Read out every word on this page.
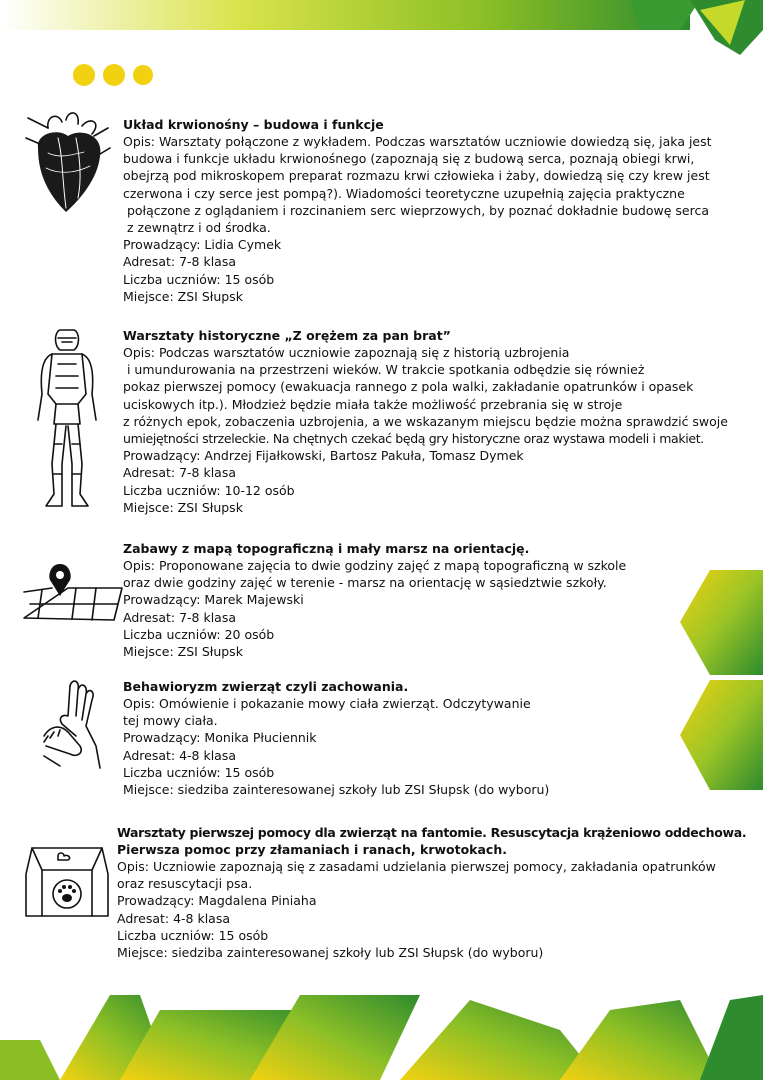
Układ krwionośny – budowa i funkcje

Opis: Warsztaty połączone z wykładem. Podczas warsztatów uczniowie dowiedzą się, jaka jest

budowa i funkcje układu krwionośnego (zapoznają się z budową serca, poznają obiegi krwi,

obejrzą pod mikroskopem preparat rozmazu krwi człowieka i żaby, dowiedzą się czy krew jest

czerwona i czy serce jest pompą?). Wiadomości teoretyczne uzupełnią zajęcia praktyczne

połączone z oglądaniem i rozcinaniem serc wieprzowych, by poznać dokładnie budowę serca

z zewnątrz i od środka.

Prowadzący: Lidia Cymek

Adresat: 7-8 klasa

Liczba uczniów: 15 osób

Miejsce: ZSI Słupsk

Warsztaty historyczne „Z orężem za pan brat”

Opis: Podczas warsztatów uczniowie zapoznają się z historią uzbrojenia

i umundurowania na przestrzeni wieków. W trakcie spotkania odbędzie się również

pokaz pierwszej pomocy (ewakuacja rannego z pola walki, zakładanie opatrunków i opasek

uciskowych itp.). Młodzież będzie miała także możliwość przebrania się w stroje

z różnych epok, zobaczenia uzbrojenia, a we wskazanym miejscu będzie można sprawdzić swoje

umiejętności strzeleckie. Na chętnych czekać będą gry historyczne oraz wystawa modeli i makiet.

Prowadzący: Andrzej Fijałkowski, Bartosz Pakuła, Tomasz Dymek

Adresat: 7-8 klasa

Liczba uczniów: 10-12 osób

Miejsce: ZSI Słupsk

Zabawy z mapą topograficzną i mały marsz na orientację.

Opis: Proponowane zajęcia to dwie godziny zajęć z mapą topograficzną w szkole

oraz dwie godziny zajęć w terenie - marsz na orientację w sąsiedztwie szkoły.

Prowadzący: Marek Majewski

Adresat: 7-8 klasa

Liczba uczniów: 20 osób

Miejsce: ZSI Słupsk

Behawioryzm zwierząt czyli zachowania.

Opis: Omówienie i pokazanie mowy ciała zwierząt. Odczytywanie

tej mowy ciała.

Prowadzący: Monika Płuciennik

Adresat: 4-8 klasa

Liczba uczniów: 15 osób

Miejsce: siedziba zainteresowanej szkoły lub ZSI Słupsk (do wyboru)

Warsztaty pierwszej pomocy dla zwierząt na fantomie. Resuscytacja krążeniowo oddechowa.

Pierwsza pomoc przy złamaniach i ranach, krwotokach.

Opis: Uczniowie zapoznają się z zasadami udzielania pierwszej pomocy, zakładania opatrunków

oraz resuscytacji psa.

Prowadzący: Magdalena Piniaha

Adresat: 4-8 klasa

Liczba uczniów: 15 osób

Miejsce: siedziba zainteresowanej szkoły lub ZSI Słupsk (do wyboru)
